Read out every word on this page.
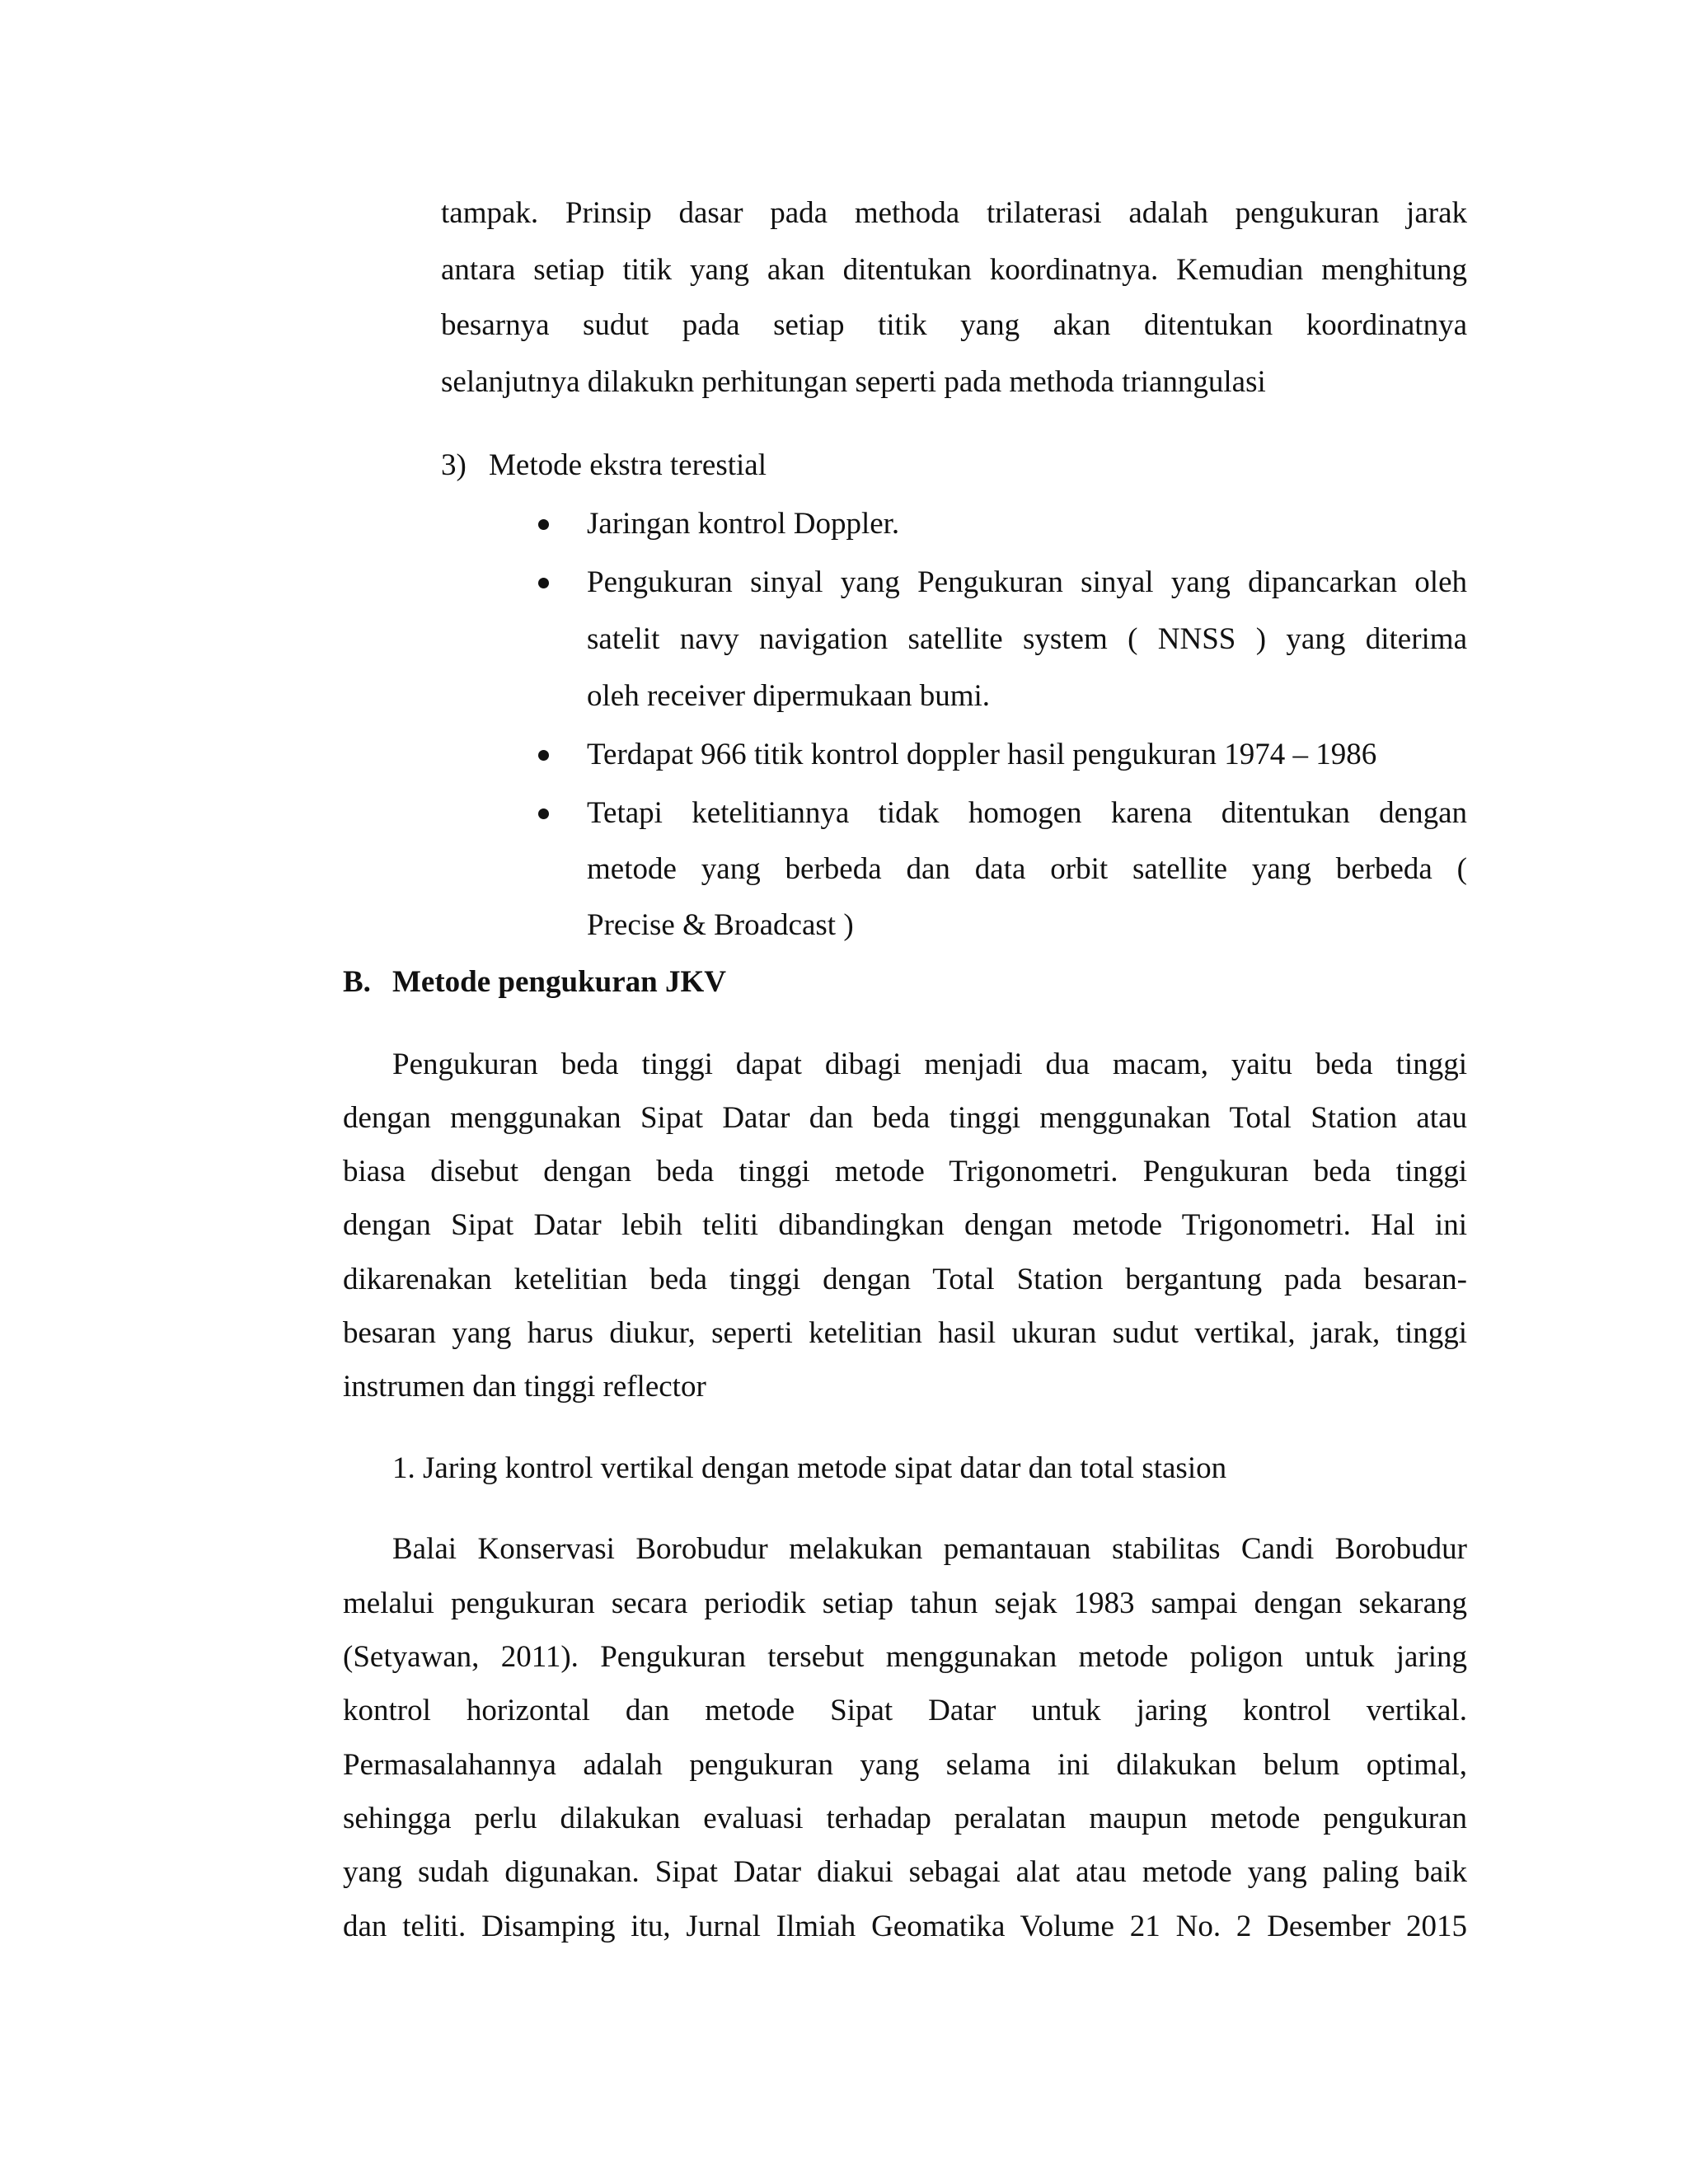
tampak. Prinsip dasar pada methoda trilaterasi adalah pengukuran jarak
antara setiap titik yang akan ditentukan koordinatnya. Kemudian menghitung
besarnya sudut pada setiap titik yang akan ditentukan koordinatnya
selanjutnya dilakukn perhitungan seperti pada methoda trianngulasi
3) Metode ekstra terestial
Jaringan kontrol Doppler.
Pengukuran sinyal yang Pengukuran sinyal yang dipancarkan oleh
satelit navy navigation satellite system ( NNSS ) yang diterima
oleh receiver dipermukaan bumi.
Terdapat 966 titik kontrol doppler hasil pengukuran 1974 – 1986
Tetapi ketelitiannya tidak homogen karena ditentukan dengan
metode yang berbeda dan data orbit satellite yang berbeda (
Precise & Broadcast )
B. Metode pengukuran JKV
Pengukuran beda tinggi dapat dibagi menjadi dua macam, yaitu beda tinggi
dengan menggunakan Sipat Datar dan beda tinggi menggunakan Total Station atau
biasa disebut dengan beda tinggi metode Trigonometri. Pengukuran beda tinggi
dengan Sipat Datar lebih teliti dibandingkan dengan metode Trigonometri. Hal ini
dikarenakan ketelitian beda tinggi dengan Total Station bergantung pada besaran-
besaran yang harus diukur, seperti ketelitian hasil ukuran sudut vertikal, jarak, tinggi
instrumen dan tinggi reflector
1. Jaring kontrol vertikal dengan metode sipat datar dan total stasion
Balai Konservasi Borobudur melakukan pemantauan stabilitas Candi Borobudur
melalui pengukuran secara periodik setiap tahun sejak 1983 sampai dengan sekarang
(Setyawan, 2011). Pengukuran tersebut menggunakan metode poligon untuk jaring
kontrol horizontal dan metode Sipat Datar untuk jaring kontrol vertikal.
Permasalahannya adalah pengukuran yang selama ini dilakukan belum optimal,
sehingga perlu dilakukan evaluasi terhadap peralatan maupun metode pengukuran
yang sudah digunakan. Sipat Datar diakui sebagai alat atau metode yang paling baik
dan teliti. Disamping itu, Jurnal Ilmiah Geomatika Volume 21 No. 2 Desember 2015
